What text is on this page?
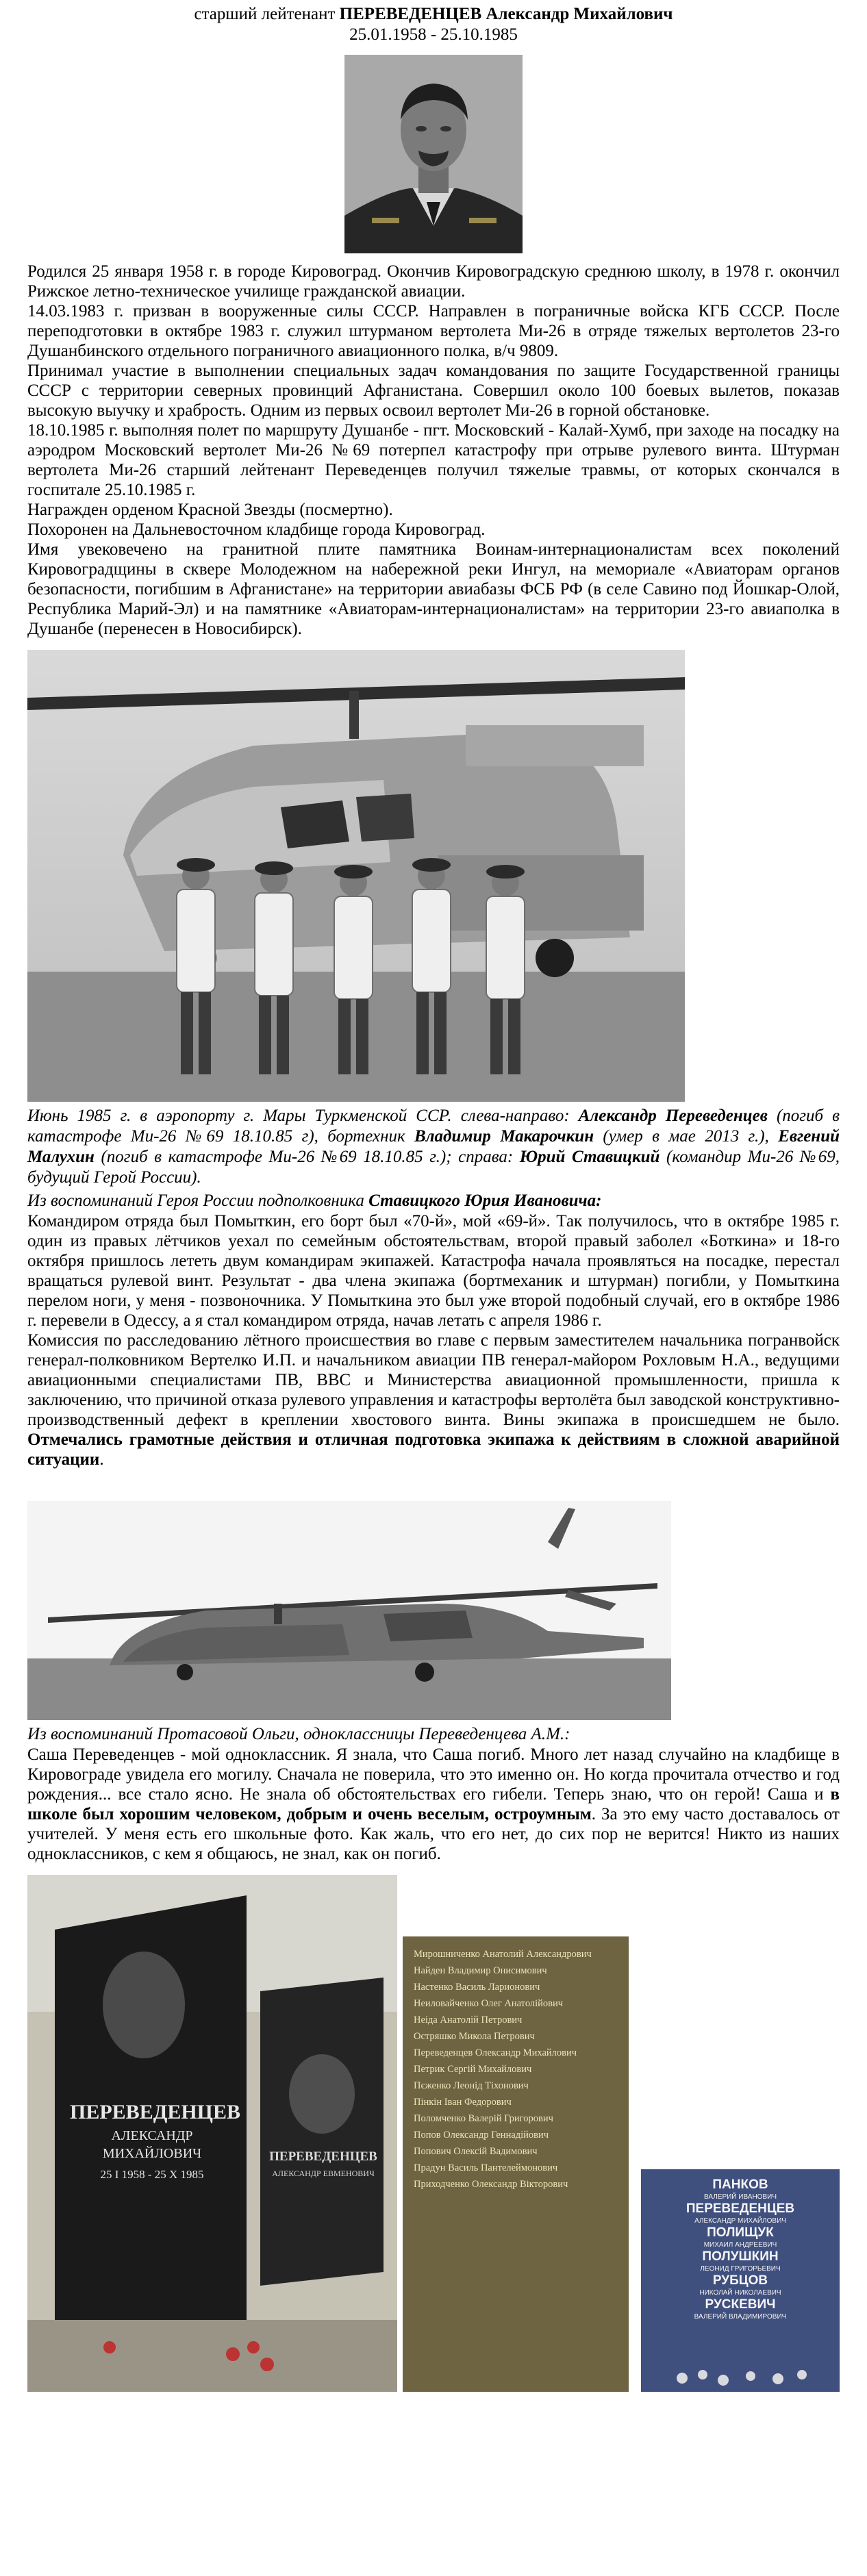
старший лейтенант ПЕРЕВЕДЕНЦЕВ Александр Михайлович
25.01.1958 - 25.10.1985

Родился 25 января 1958 г. в городе Кировоград. Окончив Кировоградскую среднюю школу, в 1978 г. окончил Рижское летно-техническое училище гражданской авиации.

14.03.1983 г. призван в вооруженные силы СССР. Направлен в пограничные войска КГБ СССР. После переподготовки в октябре 1983 г. служил штурманом вертолета Ми-26 в отряде тяжелых вертолетов 23-го Душанбинского отдельного пограничного авиационного полка, в/ч 9809.

Принимал участие в выполнении специальных задач командования по защите Государственной границы СССР с территории северных провинций Афганистана. Совершил около 100 боевых вылетов, показав высокую выучку и храбрость. Одним из первых освоил вертолет Ми-26 в горной обстановке.

18.10.1985 г. выполняя полет по маршруту Душанбе - пгт. Московский - Калай-Хумб, при заходе на посадку на аэродром Московский вертолет Ми-26 №69 потерпел катастрофу при отрыве рулевого винта. Штурман вертолета Ми-26 старший лейтенант Переведенцев получил тяжелые травмы, от которых скончался в госпитале 25.10.1985 г.

Награжден орденом Красной Звезды (посмертно).

Похоронен на Дальневосточном кладбище города Кировоград.

Имя увековечено на гранитной плите памятника Воинам-интернационалистам всех поколений Кировоградщины в сквере Молодежном на набережной реки Ингул, на мемориале «Авиаторам органов безопасности, погибшим в Афганистане» на территории авиабазы ФСБ РФ (в селе Савино под Йошкар-Олой, Республика Марий-Эл) и на памятнике «Авиаторам-интернационалистам» на территории 23-го авиаполка в Душанбе (перенесен в Новосибирск).

Июнь 1985 г. в аэропорту г. Мары Туркменской ССР. слева-направо: Александр Переведенцев (погиб в катастрофе Ми-26 №69 18.10.85 г), бортехник Владимир Макарочкин (умер в мае 2013 г.), Евгений Малухин (погиб в катастрофе Ми-26 №69 18.10.85 г.); справа: Юрий Ставицкий (командир Ми-26 №69, будущий Герой России).
Из воспоминаний Героя России подполковника Ставицкого Юрия Ивановича:

Командиром отряда был Помыткин, его борт был «70-й», мой «69-й». Так получилось, что в октябре 1985 г. один из правых лётчиков уехал по семейным обстоятельствам, второй правый заболел «Боткина» и 18-го октября пришлось лететь двум командирам экипажей. Катастрофа начала проявляться на посадке, перестал вращаться рулевой винт. Результат - два члена экипажа (бортмеханик и штурман) погибли, у Помыткина перелом ноги, у меня - позвоночника. У Помыткина это был уже второй подобный случай, его в октябре 1986 г. перевели в Одессу, а я стал командиром отряда, начав летать с апреля 1986 г.

Комиссия по расследованию лётного происшествия во главе с первым заместителем начальника погранвойск генерал-полковником Вертелко И.П. и начальником авиации ПВ генерал-майором Рохловым Н.А., ведущими авиационными специалистами ПВ, ВВС и Министерства авиационной промышленности, пришла к заключению, что причиной отказа рулевого управления и катастрофы вертолёта был заводской конструктивно-производственный дефект в креплении хвостового винта. Вины экипажа в происшедшем не было. Отмечались грамотные действия и отличная подготовка экипажа к действиям в сложной аварийной ситуации.

Из воспоминаний Протасовой Ольги, одноклассницы Переведенцева А.М.:

Саша Переведенцев - мой одноклассник. Я знала, что Саша погиб. Много лет назад случайно на кладбище в Кировограде увидела его могилу. Сначала не поверила, что это именно он. Но когда прочитала отчество и год рождения... все стало ясно. Не знала об обстоятельствах его гибели. Теперь знаю, что он герой! Саша и в школе был хорошим человеком, добрым и очень веселым, остроумным. За это ему часто доставалось от учителей. У меня есть его школьные фото. Как жаль, что его нет, до сих пор не верится! Никто из наших одноклассников, с кем я общаюсь, не знал, как он погиб.

ПЕРЕВЕДЕНЦЕВ
АЛЕКСАНДР МИХАЙЛОВИЧ
25 I 1958 - 25 X 1985
ПЕРЕВЕДЕНЦЕВ
АЛЕКСАНДР ЕВМЕНОВИЧ
Мирошниченко Анатолий Александрович
Найден Владимир Онисимович
Настенко Василь Ларионович
Неиловайченко Олег Анатолійович
Неіда Анатолій Петрович
Остряшко Микола Петрович
Переведенцев Олександр Михайлович
Петрик Сергій Михайлович
Пєженко Леонід Тіхонович
Пінкін Іван Федорович
Поломченко Валерій Григорович
Попов Олександр Геннадійович
Попович Олексій Вадимович
Прадун Василь Пантелеймонович
Приходченко Олександр Вікторович	ПАНКОВ
ВАЛЕРИЙ ИВАНОВИЧ
ПЕРЕВЕДЕНЦЕВ
АЛЕКСАНДР МИХАЙЛОВИЧ
ПОЛИЩУК
МИХАИЛ АНДРЕЕВИЧ
ПОЛУШКИН
ЛЕОНИД ГРИГОРЬЕВИЧ
РУБЦОВ
НИКОЛАЙ НИКОЛАЕВИЧ
РУСКЕВИЧ
ВАЛЕРИЙ ВЛАДИМИРОВИЧ
